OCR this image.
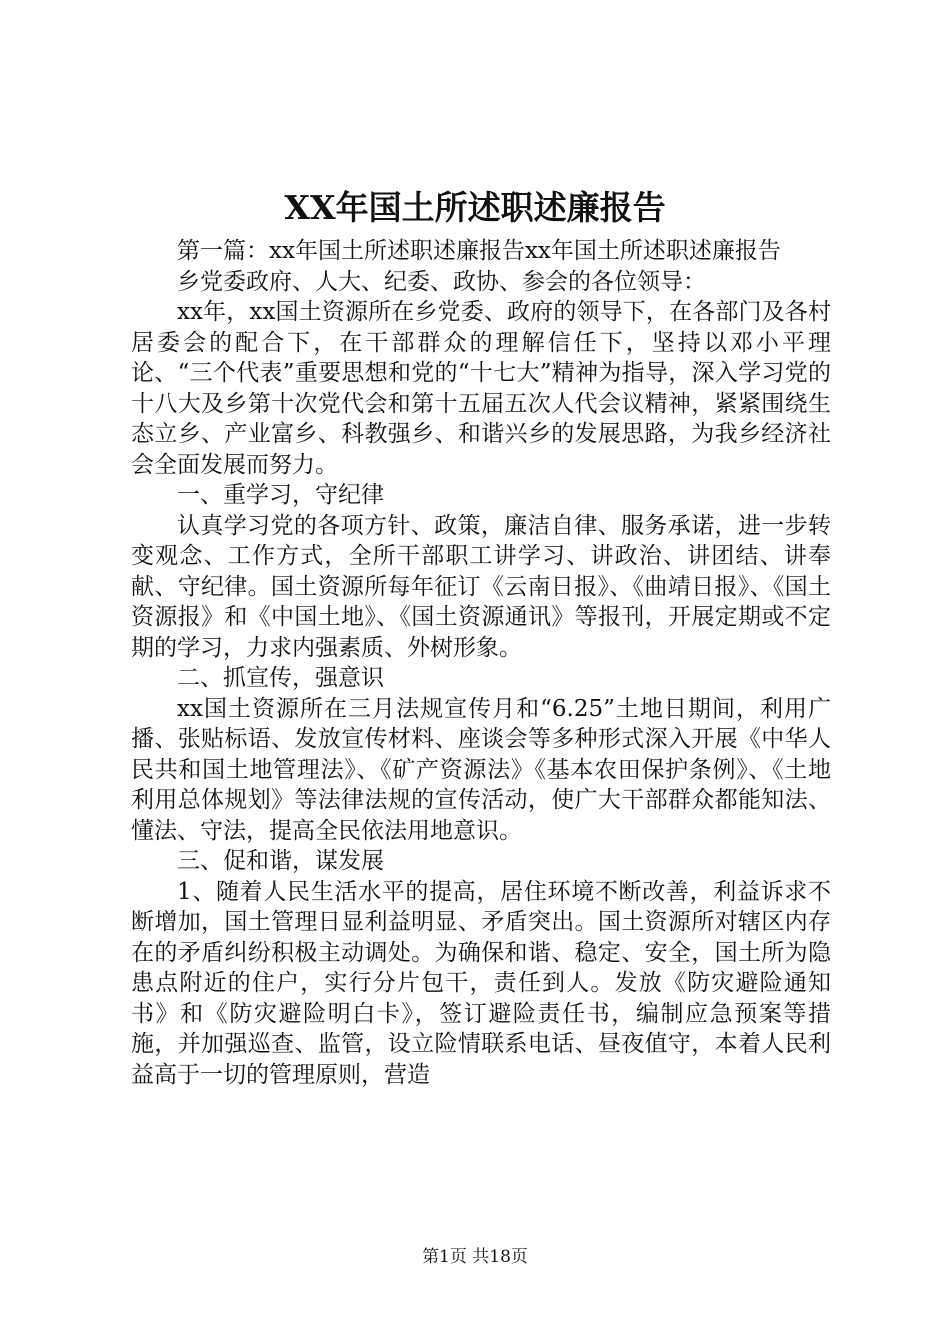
XX年国土所述职述廉报告

第一篇：xx年国土所述职述廉报告xx年国土所述职述廉报告

乡党委政府、人大、纪委、政协、参会的各位领导：

xx年，xx国土资源所在乡党委、政府的领导下，在各部门及各村居委会的配合下，在干部群众的理解信任下，坚持以邓小平理论、“三个代表”重要思想和党的“十七大”精神为指导，深入学习党的十八大及乡第十次党代会和第十五届五次人代会议精神，紧紧围绕生态立乡、产业富乡、科教强乡、和谐兴乡的发展思路，为我乡经济社会全面发展而努力。

一、重学习，守纪律

认真学习党的各项方针、政策，廉洁自律、服务承诺，进一步转变观念、工作方式，全所干部职工讲学习、讲政治、讲团结、讲奉献、守纪律。国土资源所每年征订《云南日报》、《曲靖日报》、《国土资源报》和《中国土地》、《国土资源通讯》等报刊，开展定期或不定期的学习，力求内强素质、外树形象。

二、抓宣传，强意识

xx国土资源所在三月法规宣传月和“6.25”土地日期间，利用广播、张贴标语、发放宣传材料、座谈会等多种形式深入开展《中华人民共和国土地管理法》、《矿产资源法》《基本农田保护条例》、《土地利用总体规划》等法律法规的宣传活动，使广大干部群众都能知法、懂法、守法，提高全民依法用地意识。

三、促和谐，谋发展

1、随着人民生活水平的提高，居住环境不断改善，利益诉求不断增加，国土管理日显利益明显、矛盾突出。国土资源所对辖区内存在的矛盾纠纷积极主动调处。为确保和谐、稳定、安全，国土所为隐患点附近的住户，实行分片包干，责任到人。发放《防灾避险通知书》和《防灾避险明白卡》，签订避险责任书，编制应急预案等措施，并加强巡查、监管，设立险情联系电话、昼夜值守，本着人民利益高于一切的管理原则，营造

第1页 共18页
